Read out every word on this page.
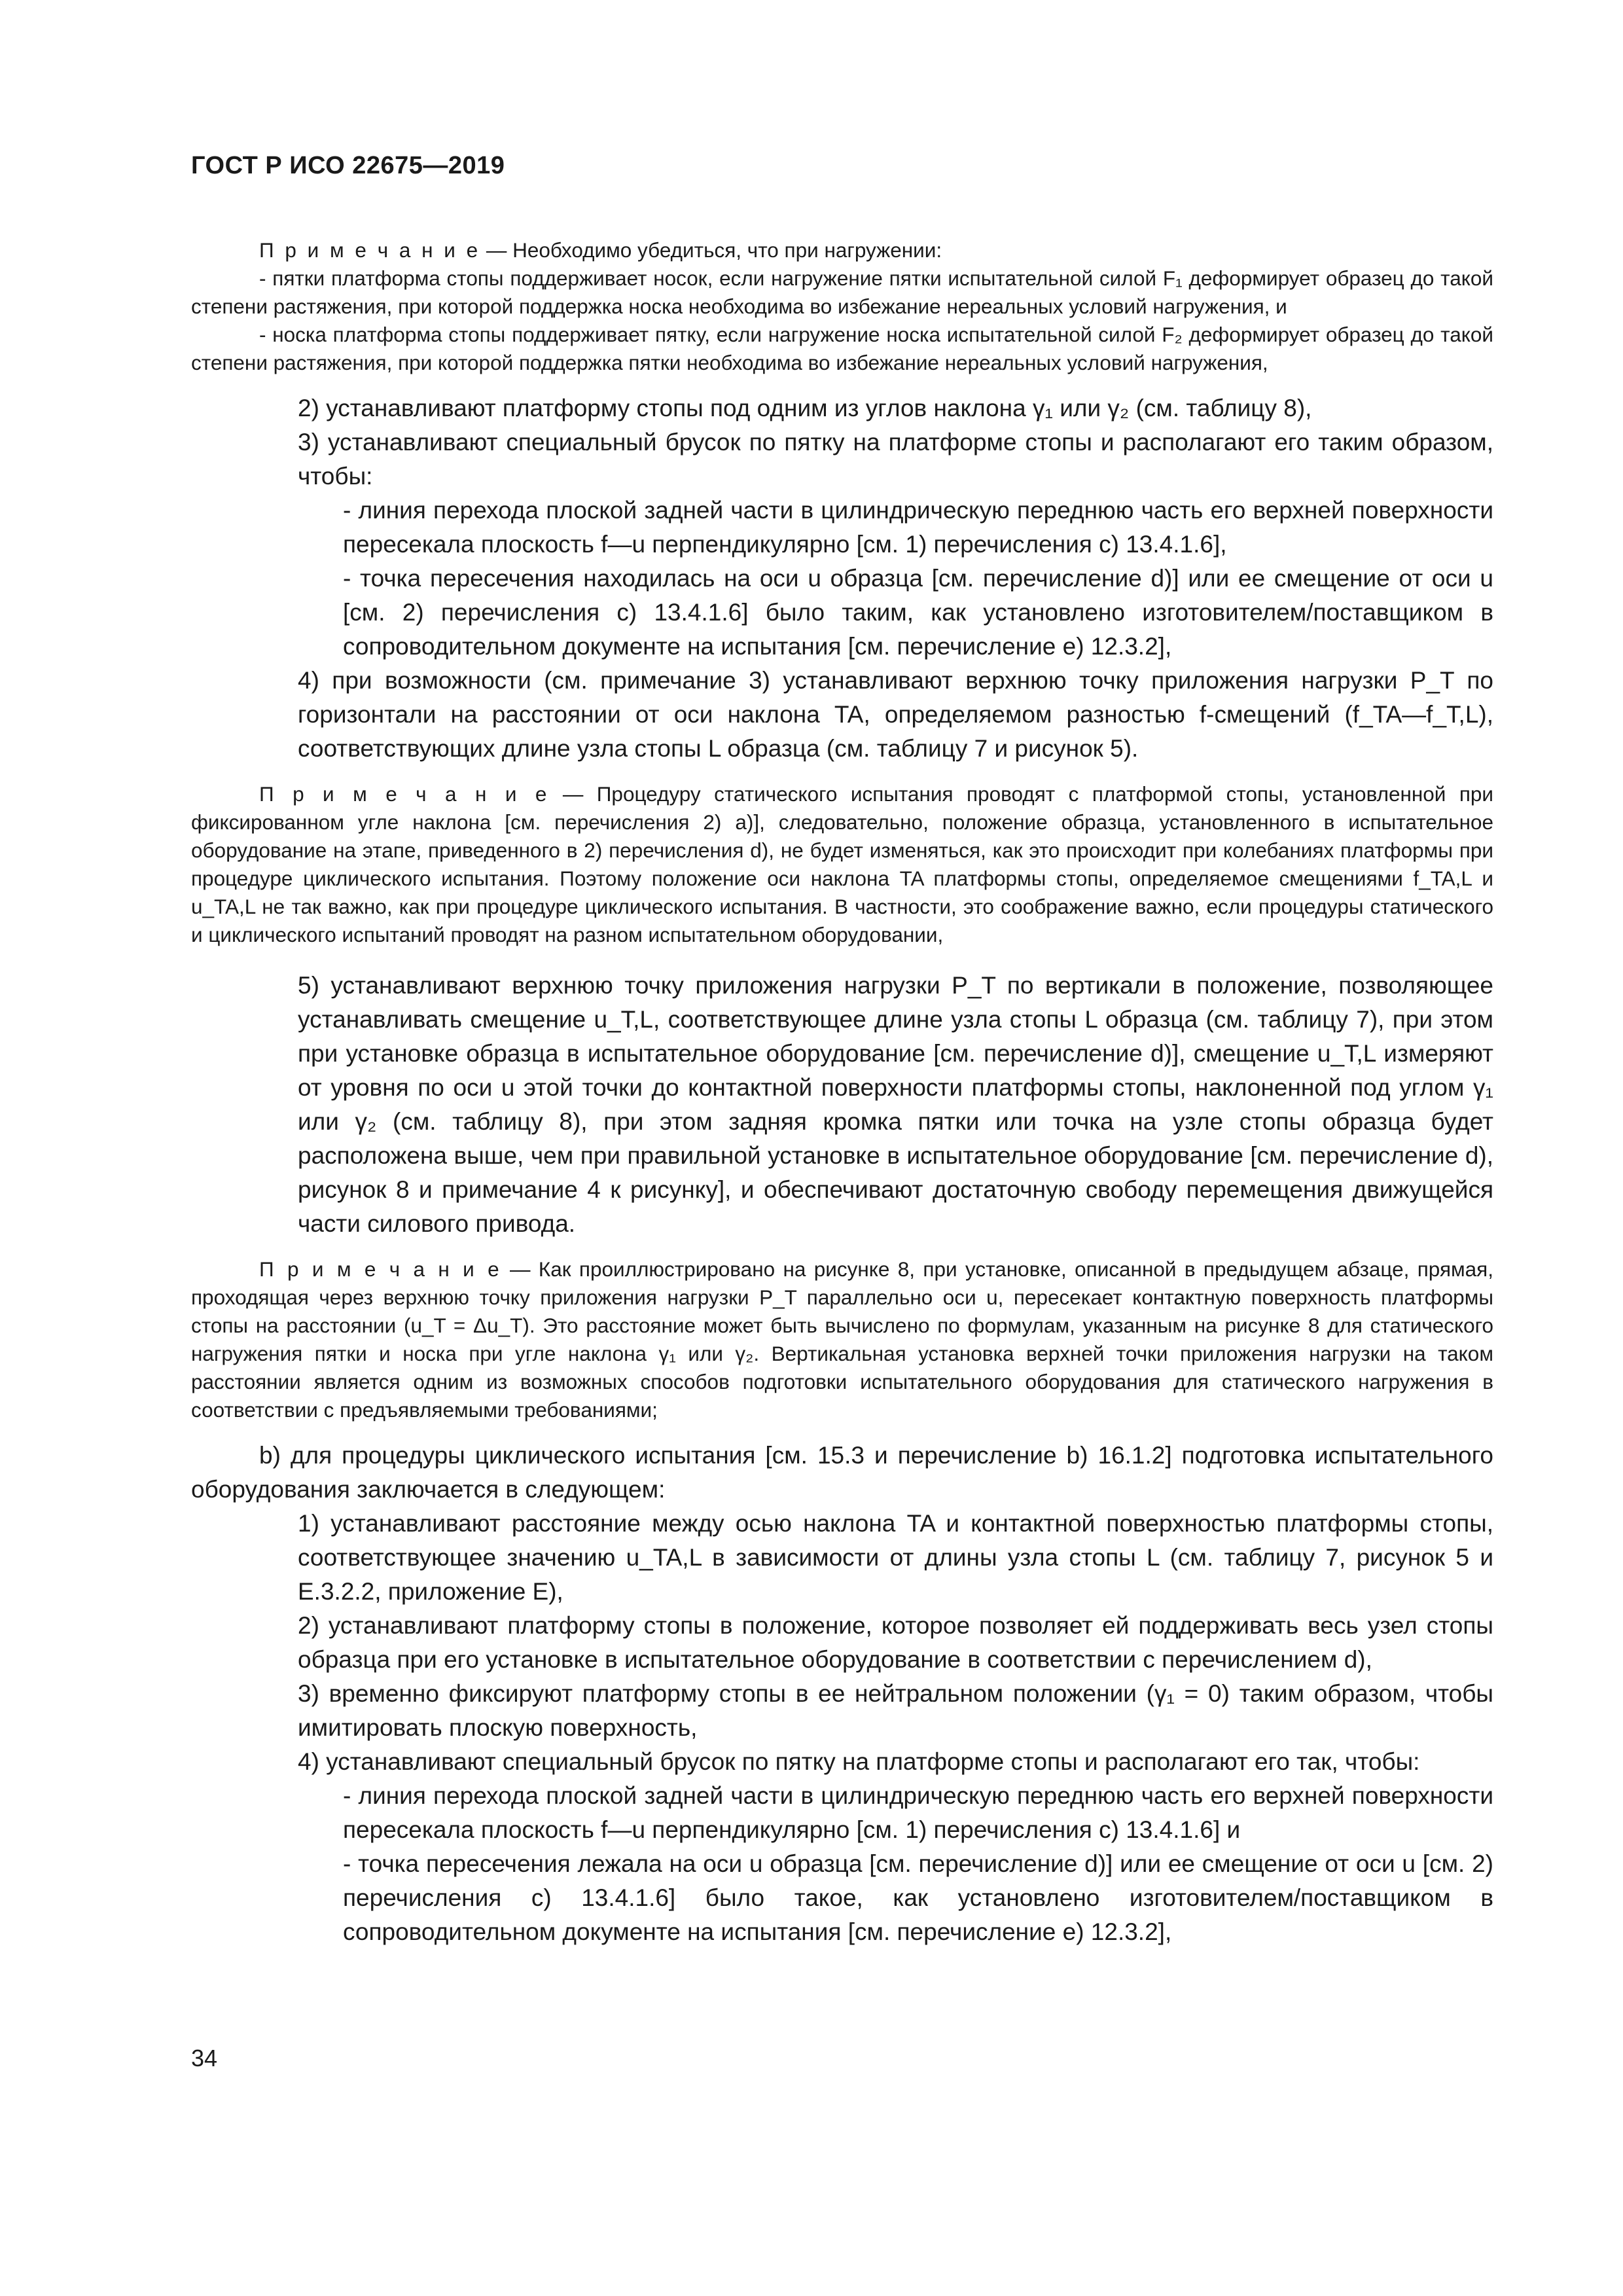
ГОСТ Р ИСО 22675—2019

П р и м е ч а н и е — Необходимо убедиться, что при нагружении:

- пятки платформа стопы поддерживает носок, если нагружение пятки испытательной силой F₁ деформирует образец до такой степени растяжения, при которой поддержка носка необходима во избежание нереальных условий нагружения, и

- носка платформа стопы поддерживает пятку, если нагружение носка испытательной силой F₂ деформирует образец до такой степени растяжения, при которой поддержка пятки необходима во избежание нереальных условий нагружения,

2) устанавливают платформу стопы под одним из углов наклона γ₁ или γ₂ (см. таблицу 8),

3) устанавливают специальный брусок по пятку на платформе стопы и располагают его таким образом, чтобы:

- линия перехода плоской задней части в цилиндрическую переднюю часть его верхней поверхности пересекала плоскость f—u перпендикулярно [см. 1) перечисления с) 13.4.1.6],

- точка пересечения находилась на оси u образца [см. перечисление d)] или ее смещение от оси u [см. 2) перечисления с) 13.4.1.6] было таким, как установлено изготовителем/поставщиком в сопроводительном документе на испытания [см. перечисление е) 12.3.2],

4) при возможности (см. примечание 3) устанавливают верхнюю точку приложения нагрузки P_T по горизонтали на расстоянии от оси наклона TA, определяемом разностью f-смещений (f_TA—f_T,L), соответствующих длине узла стопы L образца (см. таблицу 7 и рисунок 5).

П р и м е ч а н и е — Процедуру статического испытания проводят с платформой стопы, установленной при фиксированном угле наклона [см. перечисления 2) а)], следовательно, положение образца, установленного в испытательное оборудование на этапе, приведенного в 2) перечисления d), не будет изменяться, как это происходит при колебаниях платформы при процедуре циклического испытания. Поэтому положение оси наклона TA платформы стопы, определяемое смещениями f_TA,L и u_TA,L не так важно, как при процедуре циклического испытания. В частности, это соображение важно, если процедуры статического и циклического испытаний проводят на разном испытательном оборудовании,

5) устанавливают верхнюю точку приложения нагрузки P_T по вертикали в положение, позволяющее устанавливать смещение u_T,L, соответствующее длине узла стопы L образца (см. таблицу 7), при этом при установке образца в испытательное оборудование [см. перечисление d)], смещение u_T,L измеряют от уровня по оси u этой точки до контактной поверхности платформы стопы, наклоненной под углом γ₁ или γ₂ (см. таблицу 8), при этом задняя кромка пятки или точка на узле стопы образца будет расположена выше, чем при правильной установке в испытательное оборудование [см. перечисление d), рисунок 8 и примечание 4 к рисунку], и обеспечивают достаточную свободу перемещения движущейся части силового привода.

П р и м е ч а н и е — Как проиллюстрировано на рисунке 8, при установке, описанной в предыдущем абзаце, прямая, проходящая через верхнюю точку приложения нагрузки P_T параллельно оси u, пересекает контактную поверхность платформы стопы на расстоянии (u_T = Δu_T). Это расстояние может быть вычислено по формулам, указанным на рисунке 8 для статического нагружения пятки и носка при угле наклона γ₁ или γ₂. Вертикальная установка верхней точки приложения нагрузки на таком расстоянии является одним из возможных способов подготовки испытательного оборудования для статического нагружения в соответствии с предъявляемыми требованиями;

b) для процедуры циклического испытания [см. 15.3 и перечисление b) 16.1.2] подготовка испытательного оборудования заключается в следующем:

1) устанавливают расстояние между осью наклона TA и контактной поверхностью платформы стопы, соответствующее значению u_TA,L в зависимости от длины узла стопы L (см. таблицу 7, рисунок 5 и Е.3.2.2, приложение Е),

2) устанавливают платформу стопы в положение, которое позволяет ей поддерживать весь узел стопы образца при его установке в испытательное оборудование в соответствии с перечислением d),

3) временно фиксируют платформу стопы в ее нейтральном положении (γ₁ = 0) таким образом, чтобы имитировать плоскую поверхность,

4) устанавливают специальный брусок по пятку на платформе стопы и располагают его так, чтобы:

- линия перехода плоской задней части в цилиндрическую переднюю часть его верхней поверхности пересекала плоскость f—u перпендикулярно [см. 1) перечисления с) 13.4.1.6] и

- точка пересечения лежала на оси u образца [см. перечисление d)] или ее смещение от оси u [см. 2) перечисления с) 13.4.1.6] было такое, как установлено изготовителем/поставщиком в сопроводительном документе на испытания [см. перечисление е) 12.3.2],

34
